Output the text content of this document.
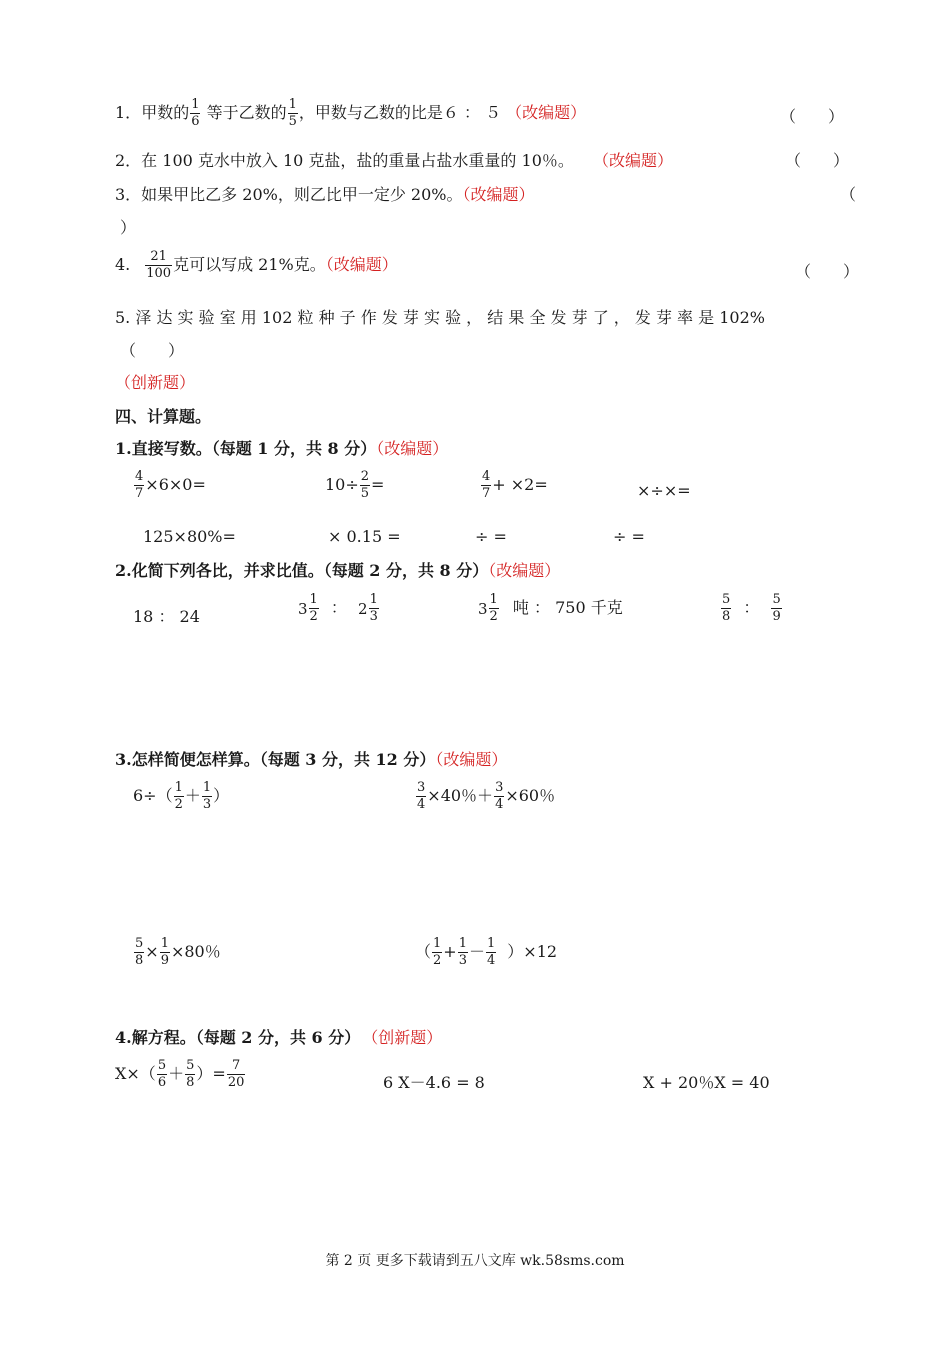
1．甲数的 $\frac{1}{6}$ 等于乙数的 $\frac{1}{5}$ ，甲数与乙数的比是６ ： ５ （改编题）	（　　）
2．在 100 克水中放入 10 克盐，盐的重量占盐水重量的 10％。 （改编题）	（　　）
3．如果甲比乙多 20%，则乙比甲一定少 20%。（改编题）	（
）
4. $\frac{21}{100}$ 克可以写成 21%克。（改编题）	（　　）
5. 泽 达 实 验 室 用 102 粒 种 子 作 发 芽 实 验 ， 结 果 全 发 芽 了 ， 发 芽 率 是 102%
（　　）
（创新题）
四、计算题。
1.直接写数。（每题 1 分，共 8 分）（改编题）
$\frac{4}{7} \times 6\times 0=$	$10\div \frac{2}{5}$ =	$\frac{4}{7} + \times 2=$	×÷×=
125×80%=	× 0.15 =	÷ =	÷ =
2.化简下列各比，并求比值。（每题 2 分，共 8 分）（改编题）
18 ： 24	$3 \frac{1}{2}$ ： $2 \frac{1}{3}$	$3 \frac{1}{2}$ 吨 ： 750 千克	$\frac{5}{8}$ ： $\frac{5}{9}$
3.怎样简便怎样算。（每题 3 分，共 12 分）（改编题）
$6\div( \frac{1}{2} + \frac{1}{3}$ ）	$\frac{3}{4} \times 40$％＋ $\frac{3}{4} \times 60$％
$\frac{5}{8} \times \frac{1}{9} \times 80$％	（ $\frac{1}{2} + \frac{1}{3} - \frac{1}{4} )\times 12$
4.解方程。（每题 2 分，共 6 分） （创新题）
$X\times( \frac{5}{6} + \frac{5}{8}$ ）= $\frac{7}{20}$	6 X－4.6 = 8	X + 20％X = 40
第 2 页 更多下载请到五八文库 wk.58sms.com
